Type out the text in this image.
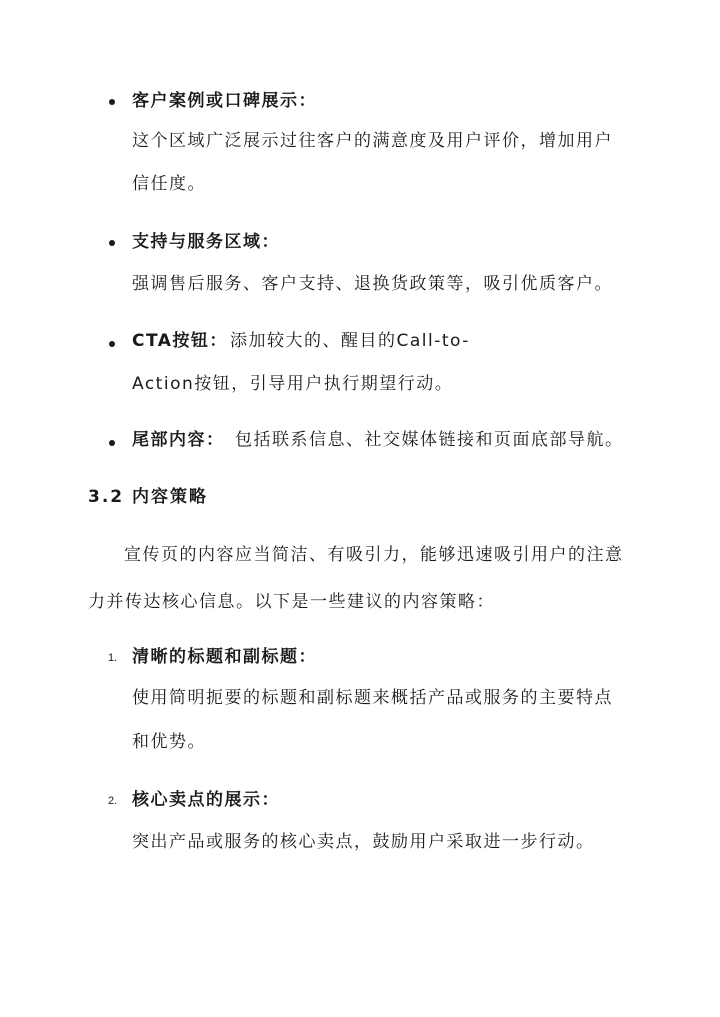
客户案例或口碑展示：
这个区域广泛展示过往客户的满意度及用户评价，增加用户
信任度。
支持与服务区域：
强调售后服务、客户支持、退换货政策等，吸引优质客户。
CTA按钮： 添加较大的、醒目的Call-to-
Action按钮，引导用户执行期望行动。
尾部内容： 包括联系信息、社交媒体链接和页面底部导航。
3.2 内容策略
宣传页的内容应当简洁、有吸引力，能够迅速吸引用户的注意
力并传达核心信息。以下是一些建议的内容策略：
1. 清晰的标题和副标题：
使用简明扼要的标题和副标题来概括产品或服务的主要特点
和优势。
2. 核心卖点的展示：
突出产品或服务的核心卖点，鼓励用户采取进一步行动。
